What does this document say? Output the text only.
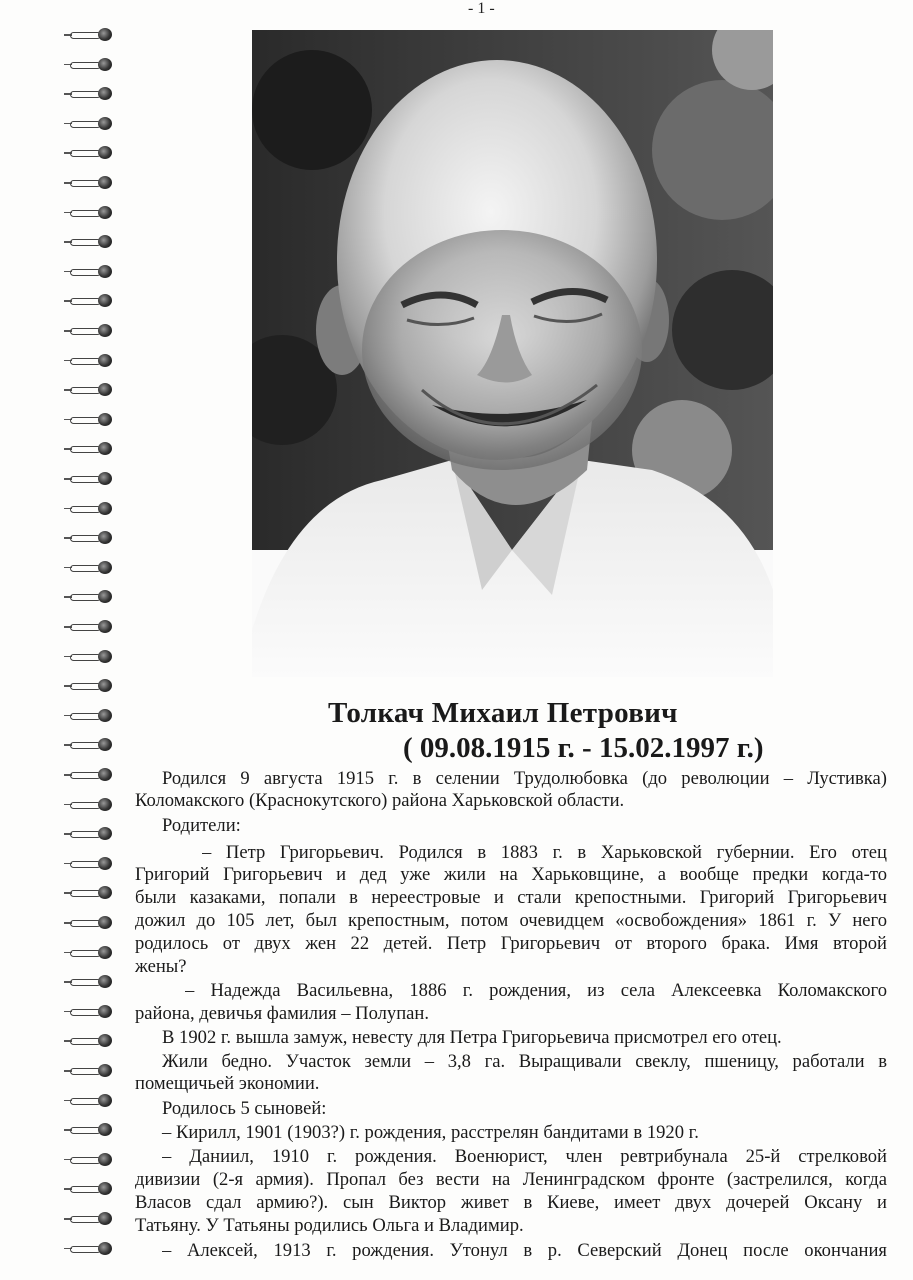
- 1 -
Толкач Михаил Петрович
( 09.08.1915 г. - 15.02.1997 г.)
Родился 9 августа 1915 г. в селении Трудолюбовка (до революции – Лустивка)
Коломакского (Краснокутского) района Харьковской области.
Родители:
– Петр Григорьевич. Родился в 1883 г. в Харьковской губернии. Его отец
Григорий Григорьевич и дед уже жили на Харьковщине, а вообще предки когда-то
были казаками, попали в нереестровые и стали крепостными. Григорий Григорьевич
дожил до 105 лет, был крепостным, потом очевидцем «освобождения» 1861 г. У него
родилось от двух жен 22 детей. Петр Григорьевич от второго брака. Имя второй
жены?
– Надежда Васильевна, 1886 г. рождения, из села Алексеевка Коломакского
района, девичья фамилия – Полупан.
В 1902 г. вышла замуж, невесту для Петра Григорьевича присмотрел его отец.
Жили бедно. Участок земли – 3,8 га. Выращивали свеклу, пшеницу, работали в
помещичьей экономии.
Родилось 5 сыновей:
– Кирилл, 1901 (1903?) г. рождения, расстрелян бандитами в 1920 г.
– Даниил, 1910 г. рождения. Военюрист, член ревтрибунала 25-й стрелковой
дивизии (2-я армия). Пропал без вести на Ленинградском фронте (застрелился, когда
Власов сдал армию?). сын Виктор живет в Киеве, имеет двух дочерей Оксану и
Татьяну. У Татьяны родились Ольга и Владимир.
– Алексей, 1913 г. рождения. Утонул в р. Северский Донец после окончания
